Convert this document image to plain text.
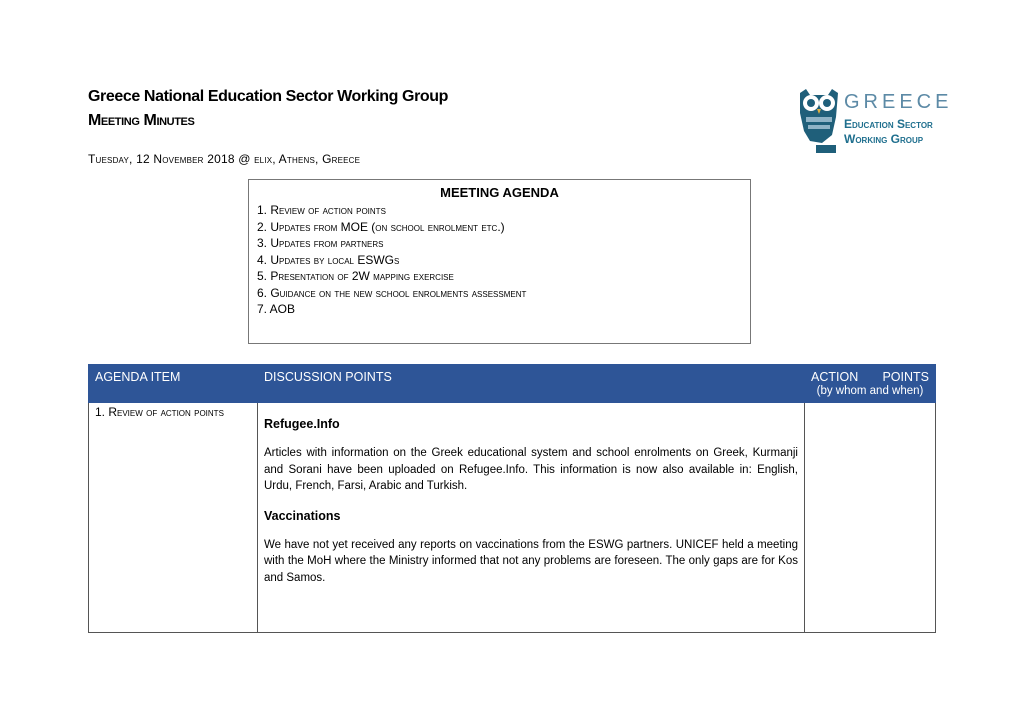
Greece National Education Sector Working Group
Meeting Minutes
Tuesday, 12 November 2018 @ elix, Athens, Greece
GREECE
Education Sector
Working Group
MEETING AGENDA
1. Review of action points
2. Updates from MOE (on school enrolment etc.)
3. Updates from partners
4. Updates by local ESWGs
5. Presentation of 2W mapping exercise
6. Guidance on the new school enrolments assessment
7. AOB
AGENDA ITEM	DISCUSSION POINTS	ACTION POINTS
(by whom and when)

1. Review of action points	Refugee.Info

Articles with information on the Greek educational system and school enrolments on Greek, Kurmanji and Sorani have been uploaded on Refugee.Info. This information is now also available in: English, Urdu, French, Farsi, Arabic and Turkish.

Vaccinations

We have not yet received any reports on vaccinations from the ESWG partners. UNICEF held a meeting with the MoH where the Ministry informed that not any problems are foreseen. The only gaps are for Kos and Samos.	
